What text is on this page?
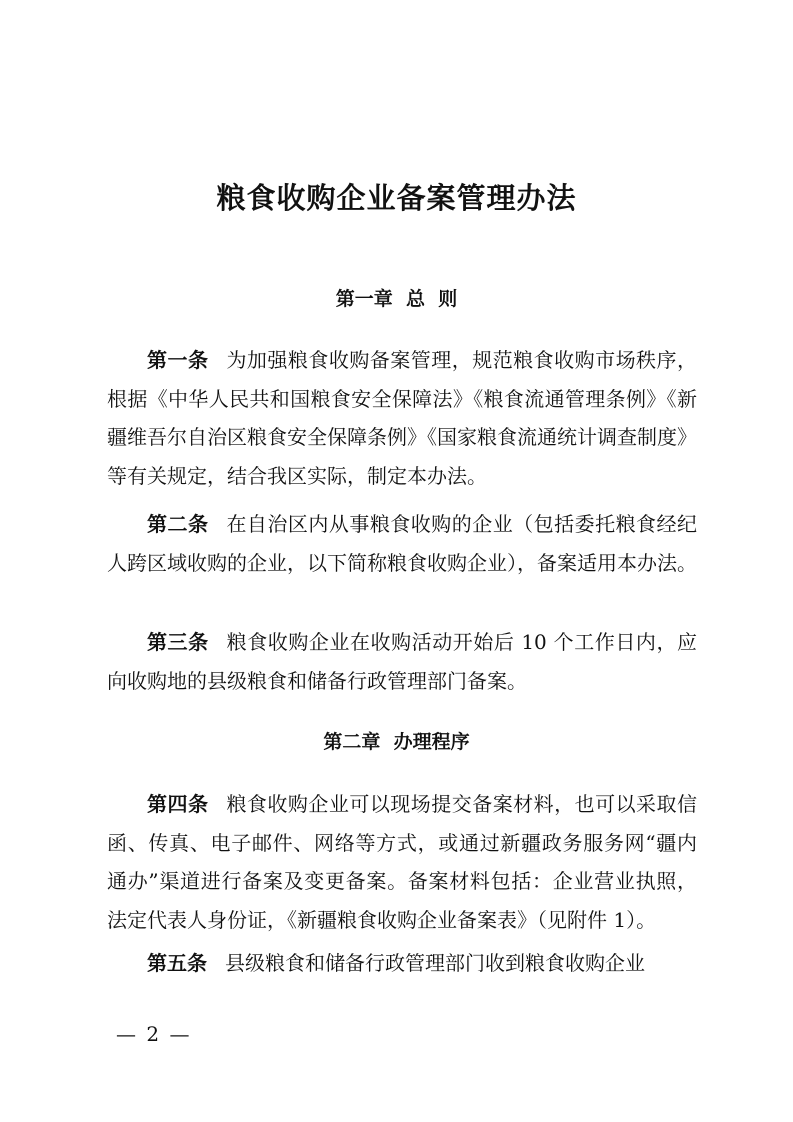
粮食收购企业备案管理办法
第一章  总  则

第一条 为加强粮食收购备案管理，规范粮食收购市场秩序，根据《中华人民共和国粮食安全保障法》《粮食流通管理条例》《新疆维吾尔自治区粮食安全保障条例》《国家粮食流通统计调查制度》等有关规定，结合我区实际，制定本办法。

第二条 在自治区内从事粮食收购的企业（包括委托粮食经纪人跨区域收购的企业，以下简称粮食收购企业），备案适用本办法。

第三条 粮食收购企业在收购活动开始后 10 个工作日内，应向收购地的县级粮食和储备行政管理部门备案。

第二章  办理程序

第四条 粮食收购企业可以现场提交备案材料，也可以采取信函、传真、电子邮件、网络等方式，或通过新疆政务服务网“疆内通办”渠道进行备案及变更备案。备案材料包括：企业营业执照，法定代表人身份证，《新疆粮食收购企业备案表》（见附件 1）。

第五条 县级粮食和储备行政管理部门收到粮食收购企业

— 2 —
